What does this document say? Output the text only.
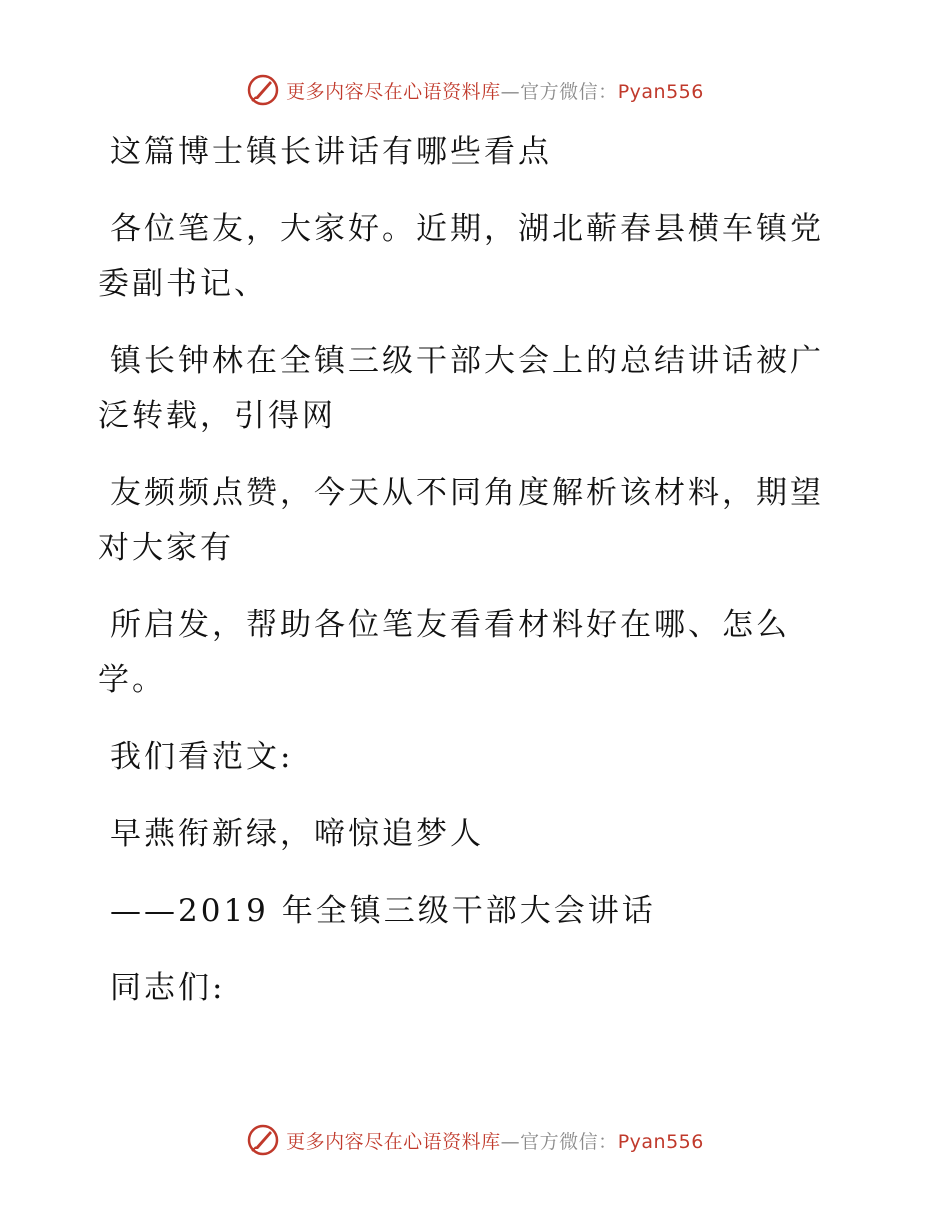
更多内容尽在心语资料库—官方微信：Pyan556

这篇博士镇长讲话有哪些看点

各位笔友，大家好。近期，湖北蕲春县横车镇党委副书记、

镇长钟林在全镇三级干部大会上的总结讲话被广泛转载，引得网

友频频点赞，今天从不同角度解析该材料，期望对大家有

所启发，帮助各位笔友看看材料好在哪、怎么学。

我们看范文:

早燕衔新绿，啼惊追梦人

——2019 年全镇三级干部大会讲话

同志们:

更多内容尽在心语资料库—官方微信：Pyan556
